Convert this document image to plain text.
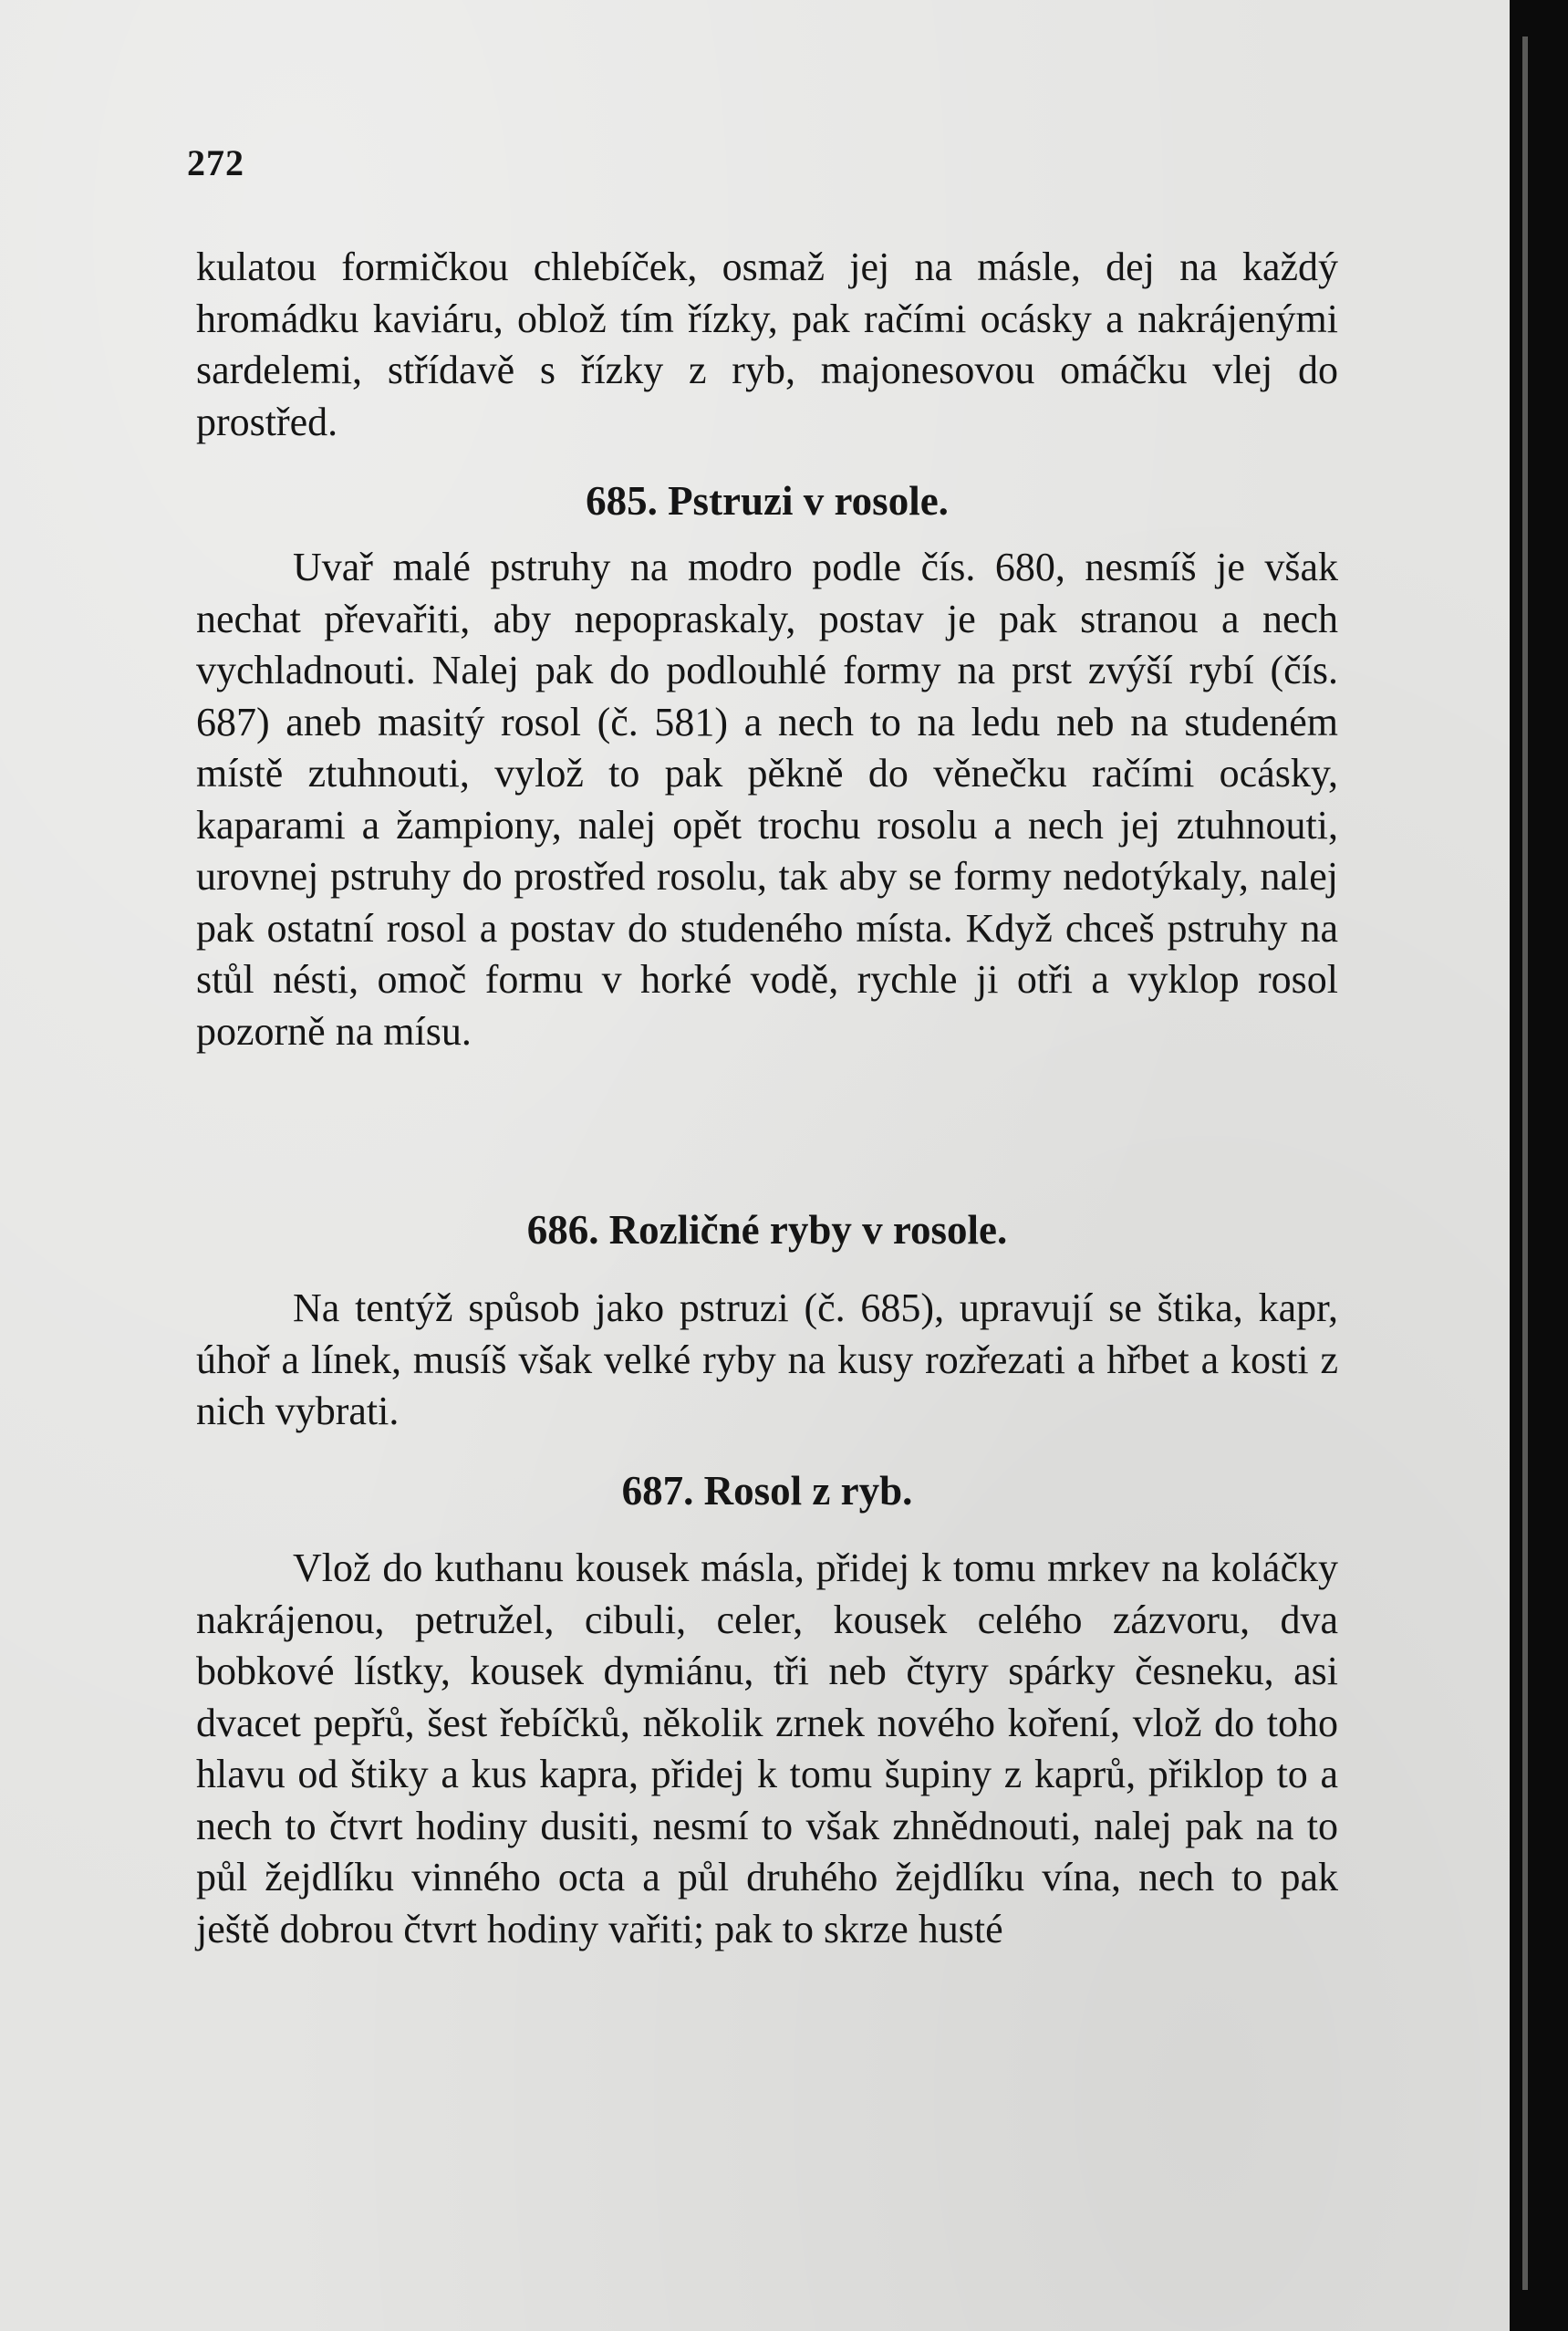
272

kulatou formičkou chlebíček, osmaž jej na másle, dej na každý hromádku kaviáru, oblož tím řízky, pak račími ocásky a nakrájenými sardelemi, střídavě s řízky z ryb, majonesovou omáčku vlej do prostřed.

685. Pstruzi v rosole.

Uvař malé pstruhy na modro podle čís. 680, nesmíš je však nechat převařiti, aby nepopraskaly, postav je pak stranou a nech vychladnouti. Nalej pak do podlouhlé formy na prst zvýší rybí (čís. 687) aneb masitý rosol (č. 581) a nech to na ledu neb na studeném místě ztuhnouti, vylož to pak pěkně do věnečku račími ocásky, kaparami a žampiony, nalej opět trochu rosolu a nech jej ztuhnouti, urovnej pstruhy do prostřed rosolu, tak aby se formy nedotýkaly, nalej pak ostatní rosol a postav do studeného místa. Když chceš pstruhy na stůl nésti, omoč formu v horké vodě, rychle ji otři a vyklop rosol pozorně na mísu.

686. Rozličné ryby v rosole.

Na tentýž spůsob jako pstruzi (č. 685), upravují se štika, kapr, úhoř a línek, musíš však velké ryby na kusy rozřezati a hřbet a kosti z nich vybrati.

687. Rosol z ryb.

Vlož do kuthanu kousek másla, přidej k tomu mrkev na koláčky nakrájenou, petružel, cibuli, celer, kousek celého zázvoru, dva bobkové lístky, kousek dymiánu, tři neb čtyry spárky česneku, asi dvacet pepřů, šest řebíčků, několik zrnek nového koření, vlož do toho hlavu od štiky a kus kapra, přidej k tomu šupiny z kaprů, přiklop to a nech to čtvrt hodiny dusiti, nesmí to však zhnědnouti, nalej pak na to půl žejdlíku vinného octa a půl druhého žejdlíku vína, nech to pak ještě dobrou čtvrt hodiny vařiti; pak to skrze husté
